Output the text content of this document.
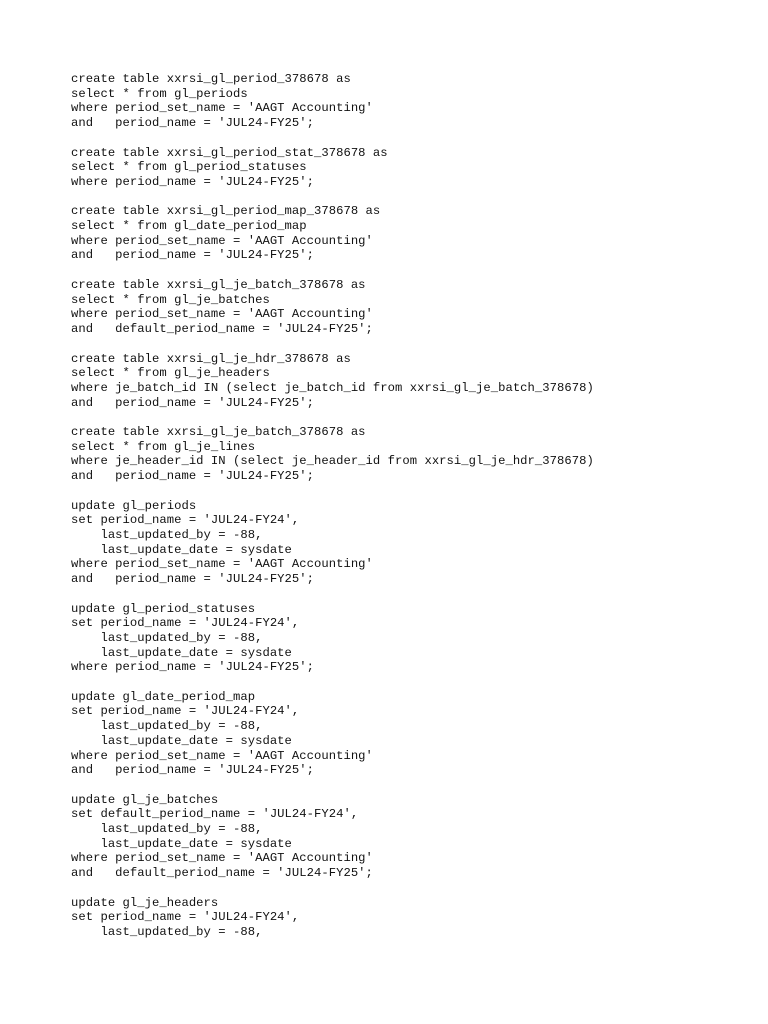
create table xxrsi_gl_period_378678 as
select * from gl_periods
where period_set_name = 'AAGT Accounting'
and   period_name = 'JUL24-FY25';
create table xxrsi_gl_period_stat_378678 as
select * from gl_period_statuses
where period_name = 'JUL24-FY25';
create table xxrsi_gl_period_map_378678 as
select * from gl_date_period_map
where period_set_name = 'AAGT Accounting'
and   period_name = 'JUL24-FY25';
create table xxrsi_gl_je_batch_378678 as
select * from gl_je_batches
where period_set_name = 'AAGT Accounting'
and   default_period_name = 'JUL24-FY25';
create table xxrsi_gl_je_hdr_378678 as
select * from gl_je_headers
where je_batch_id IN (select je_batch_id from xxrsi_gl_je_batch_378678)
and   period_name = 'JUL24-FY25';
create table xxrsi_gl_je_batch_378678 as
select * from gl_je_lines
where je_header_id IN (select je_header_id from xxrsi_gl_je_hdr_378678)
and   period_name = 'JUL24-FY25';
update gl_periods
set period_name = 'JUL24-FY24',
last_updated_by = -88,
last_update_date = sysdate
where period_set_name = 'AAGT Accounting'
and   period_name = 'JUL24-FY25';
update gl_period_statuses
set period_name = 'JUL24-FY24',
last_updated_by = -88,
last_update_date = sysdate
where period_name = 'JUL24-FY25';
update gl_date_period_map
set period_name = 'JUL24-FY24',
last_updated_by = -88,
last_update_date = sysdate
where period_set_name = 'AAGT Accounting'
and   period_name = 'JUL24-FY25';
update gl_je_batches
set default_period_name = 'JUL24-FY24',
last_updated_by = -88,
last_update_date = sysdate
where period_set_name = 'AAGT Accounting'
and   default_period_name = 'JUL24-FY25';
update gl_je_headers
set period_name = 'JUL24-FY24',
last_updated_by = -88,
